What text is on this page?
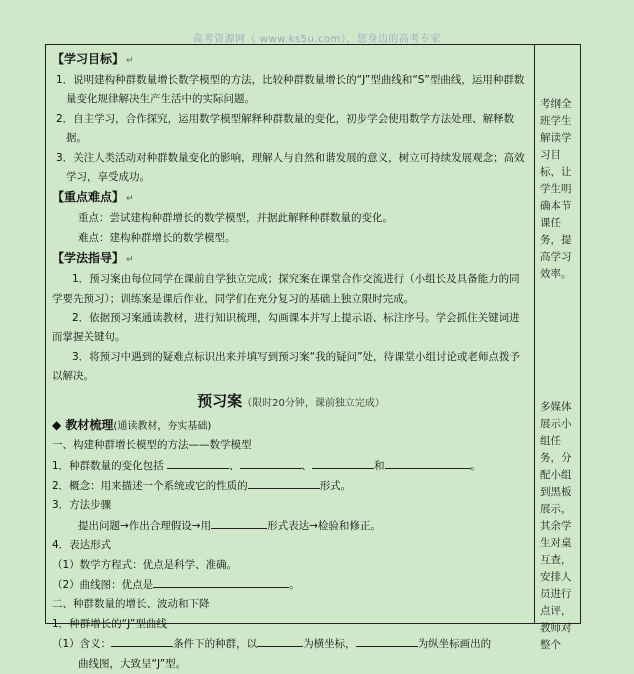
高考资源网（ www.ks5u.com），您身边的高考专家
考纲全班学生解读学习目标，让学生明确本节课任务，提高学习效率。
多媒体展示小组任务，分配小组到黑板展示，其余学生对桌互查，安排人员进行点评，教师对整个
【学习目标】 ↵
1．说明建构种群数量增长数学模型的方法，比较种群数量增长的“J”型曲线和“S”型曲线，运用种群数量变化规律解决生产生活中的实际问题。
2．自主学习，合作探究，运用数学模型解释种群数量的变化，初步学会使用数学方法处理、解释数据。
3．关注人类活动对种群数量变化的影响，理解人与自然和谐发展的意义，树立可持续发展观念；高效学习，享受成功。
【重点难点】 ↵
重点：尝试建构种群增长的数学模型，并据此解释种群数量的变化。
难点：建构种群增长的数学模型。
【学法指导】 ↵
1．预习案由每位同学在课前自学独立完成；探究案在课堂合作交流进行（小组长及具备能力的同学要先预习）；训练案是课后作业，同学们在充分复习的基础上独立限时完成。
2．依据预习案通读教材，进行知识梳理，勾画课本并写上提示语、标注序号。学会抓住关键词进而掌握关键句。
3．将预习中遇到的疑难点标识出来并填写到预习案“我的疑问”处，待课堂小组讨论或老师点拨予以解决。
预习案（限时20分钟，课前独立完成）
◆ 教材梳理(通读教材，夯实基础)
一、构建种群增长模型的方法——数学模型
1．种群数量的变化包括	、	、	和	。
2．概念：用来描述一个系统或它的性质的	形式。
3．方法步骤
提出问题→作出合理假设→用	形式表达→检验和修正。
4．表达形式
（1）数学方程式：优点是科学、准确。
（2）曲线图：优点是	。
二、种群数量的增长、波动和下降
1．种群增长的“J”型曲线
（1）含义：	条件下的种群，以	为横坐标，	为纵坐标画出的
曲线图，大致呈“J”型。
